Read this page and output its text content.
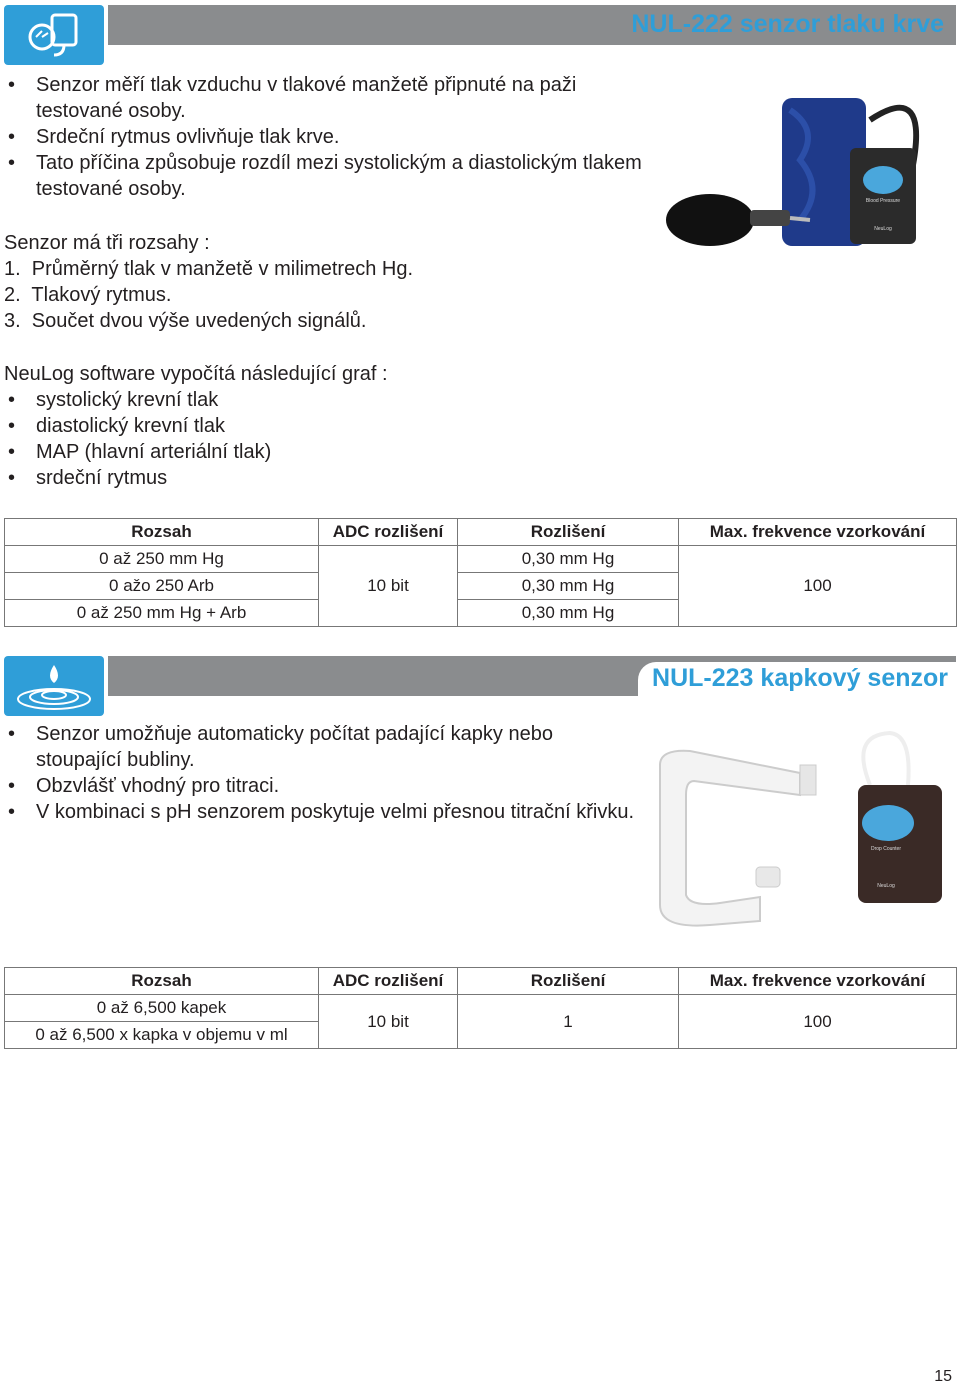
NUL-222 senzor tlaku krve
• Senzor měří tlak vzduchu v tlakové manžetě připnuté na paži testované osoby.
• Srdeční rytmus ovlivňuje tlak krve.
• Tato příčina způsobuje rozdíl mezi systolickým a diastolickým tlakem testované osoby.

Senzor má tři rozsahy :

1.  Průměrný tlak v manžetě v milimetrech Hg.
2.  Tlakový rytmus.
3.  Součet dvou výše uvedených signálů.

NeuLog software vypočítá následující graf :

• systolický krevní tlak
• diastolický krevní tlak
• MAP (hlavní arteriální tlak)
• srdeční rytmus
Blood Pressure
NeuLog
Rozsah	ADC rozlišení	Rozlišení	Max. frekvence vzorkování
0 až 250 mm Hg	10 bit	0,30 mm Hg	100
0 ažo 250 Arb		0,30 mm Hg	
0 až 250 mm Hg + Arb		0,30 mm Hg	
NUL-223 kapkový senzor
• Senzor umožňuje automaticky počítat padající kapky nebo stoupající bubliny.
• Obzvlášť vhodný pro titraci.
• V kombinaci s pH senzorem poskytuje velmi přesnou titrační křivku.
Drop Counter
NeuLog
Rozsah	ADC rozlišení	Rozlišení	Max. frekvence vzorkování
0 až 6,500 kapek	10 bit	1	100
0 až 6,500 x kapka v objemu v ml			
15
